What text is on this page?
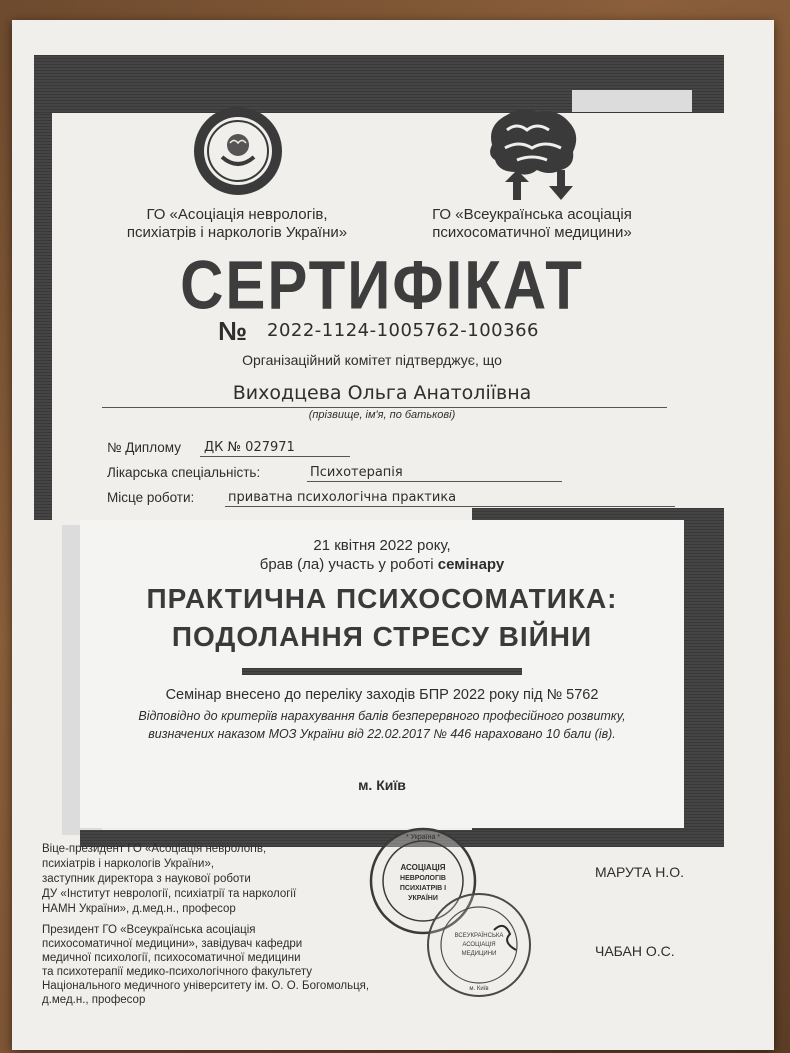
ГО «Асоціація неврологів,
психіатрів і наркологів України»
ГО «Всеукраїнська асоціація
психосоматичної медицини»
СЕРТИФІКАТ
№ 2022-1124-1005762-100366
Організаційний комітет підтверджує, що
Виходцева Ольга Анатоліївна
(прізвище, ім'я, по батькові)
№ Диплому ДК № 027971
Лікарська спеціальність:	Психотерапія
Місце роботи:	приватна психологічна практика
21 квітня 2022 року,
брав (ла) участь у роботі семінару
ПРАКТИЧНА ПСИХОСОМАТИКА:
ПОДОЛАННЯ СТРЕСУ ВІЙНИ
Семінар внесено до переліку заходів БПР 2022 року під № 5762
Відповідно до критеріїв нарахування балів безперервного професійного розвитку,
визначених наказом МОЗ України від 22.02.2017 № 446 нараховано 10 бали (ів).
м. Київ
Віце-президент ГО «Асоціація неврологів,
психіатрів і наркологів України»,
заступник директора з наукової роботи
ДУ «Інститут неврології, психіатрії та наркології
НАМН України», д.мед.н., професор
Президент ГО «Всеукраїнська асоціація
психосоматичної медицини», завідувач кафедри
медичної психології, психосоматичної медицини
та психотерапії медико-психологічного факультету
Національного медичного університету ім. О. О. Богомольця,
д.мед.н., професор
АСОЦІАЦІЯ
НЕВРОЛОГІВ
ПСИХІАТРІВ І
УКРАЇНИ
* Україна *
ВСЕУКРАЇНСЬКА
АСОЦІАЦІЯ
МЕДИЦИНИ
м. Київ
МАРУТА Н.О.
ЧАБАН О.С.
